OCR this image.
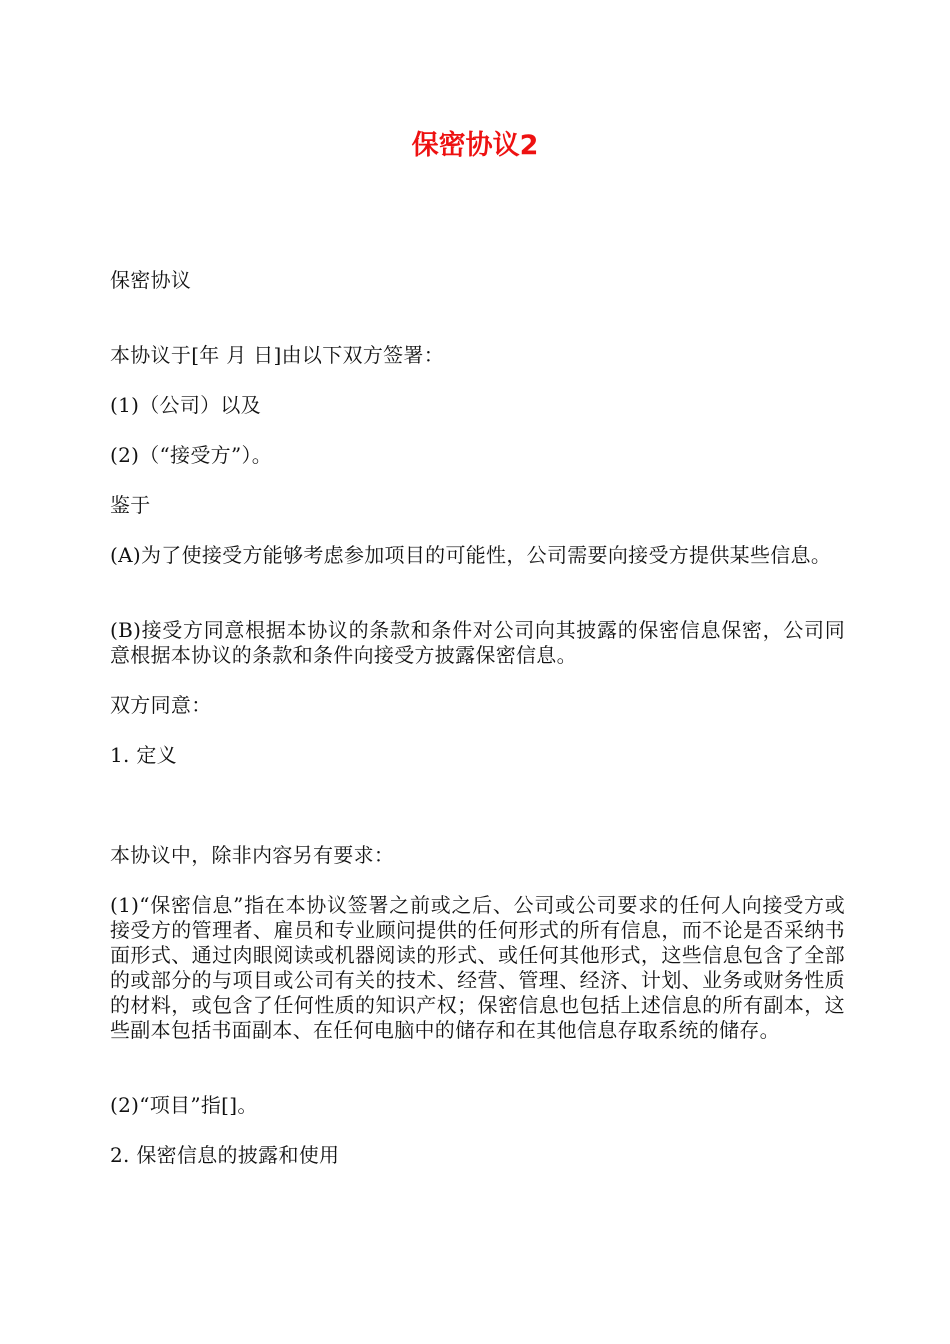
保密协议2

保密协议

本协议于[年 月 日]由以下双方签署：

(1)（公司）以及

(2)（“接受方”）。

鉴于

(A)为了使接受方能够考虑参加项目的可能性，公司需要向接受方提供某些信息。

(B)接受方同意根据本协议的条款和条件对公司向其披露的保密信息保密，公司同意根据本协议的条款和条件向接受方披露保密信息。

双方同意：

1. 定义

本协议中，除非内容另有要求：

(1)“保密信息”指在本协议签署之前或之后、公司或公司要求的任何人向接受方或接受方的管理者、雇员和专业顾问提供的任何形式的所有信息，而不论是否采纳书面形式、通过肉眼阅读或机器阅读的形式、或任何其他形式，这些信息包含了全部的或部分的与项目或公司有关的技术、经营、管理、经济、计划、业务或财务性质的材料，或包含了任何性质的知识产权；保密信息也包括上述信息的所有副本，这些副本包括书面副本、在任何电脑中的储存和在其他信息存取系统的储存。

(2)“项目”指[]。

2. 保密信息的披露和使用
